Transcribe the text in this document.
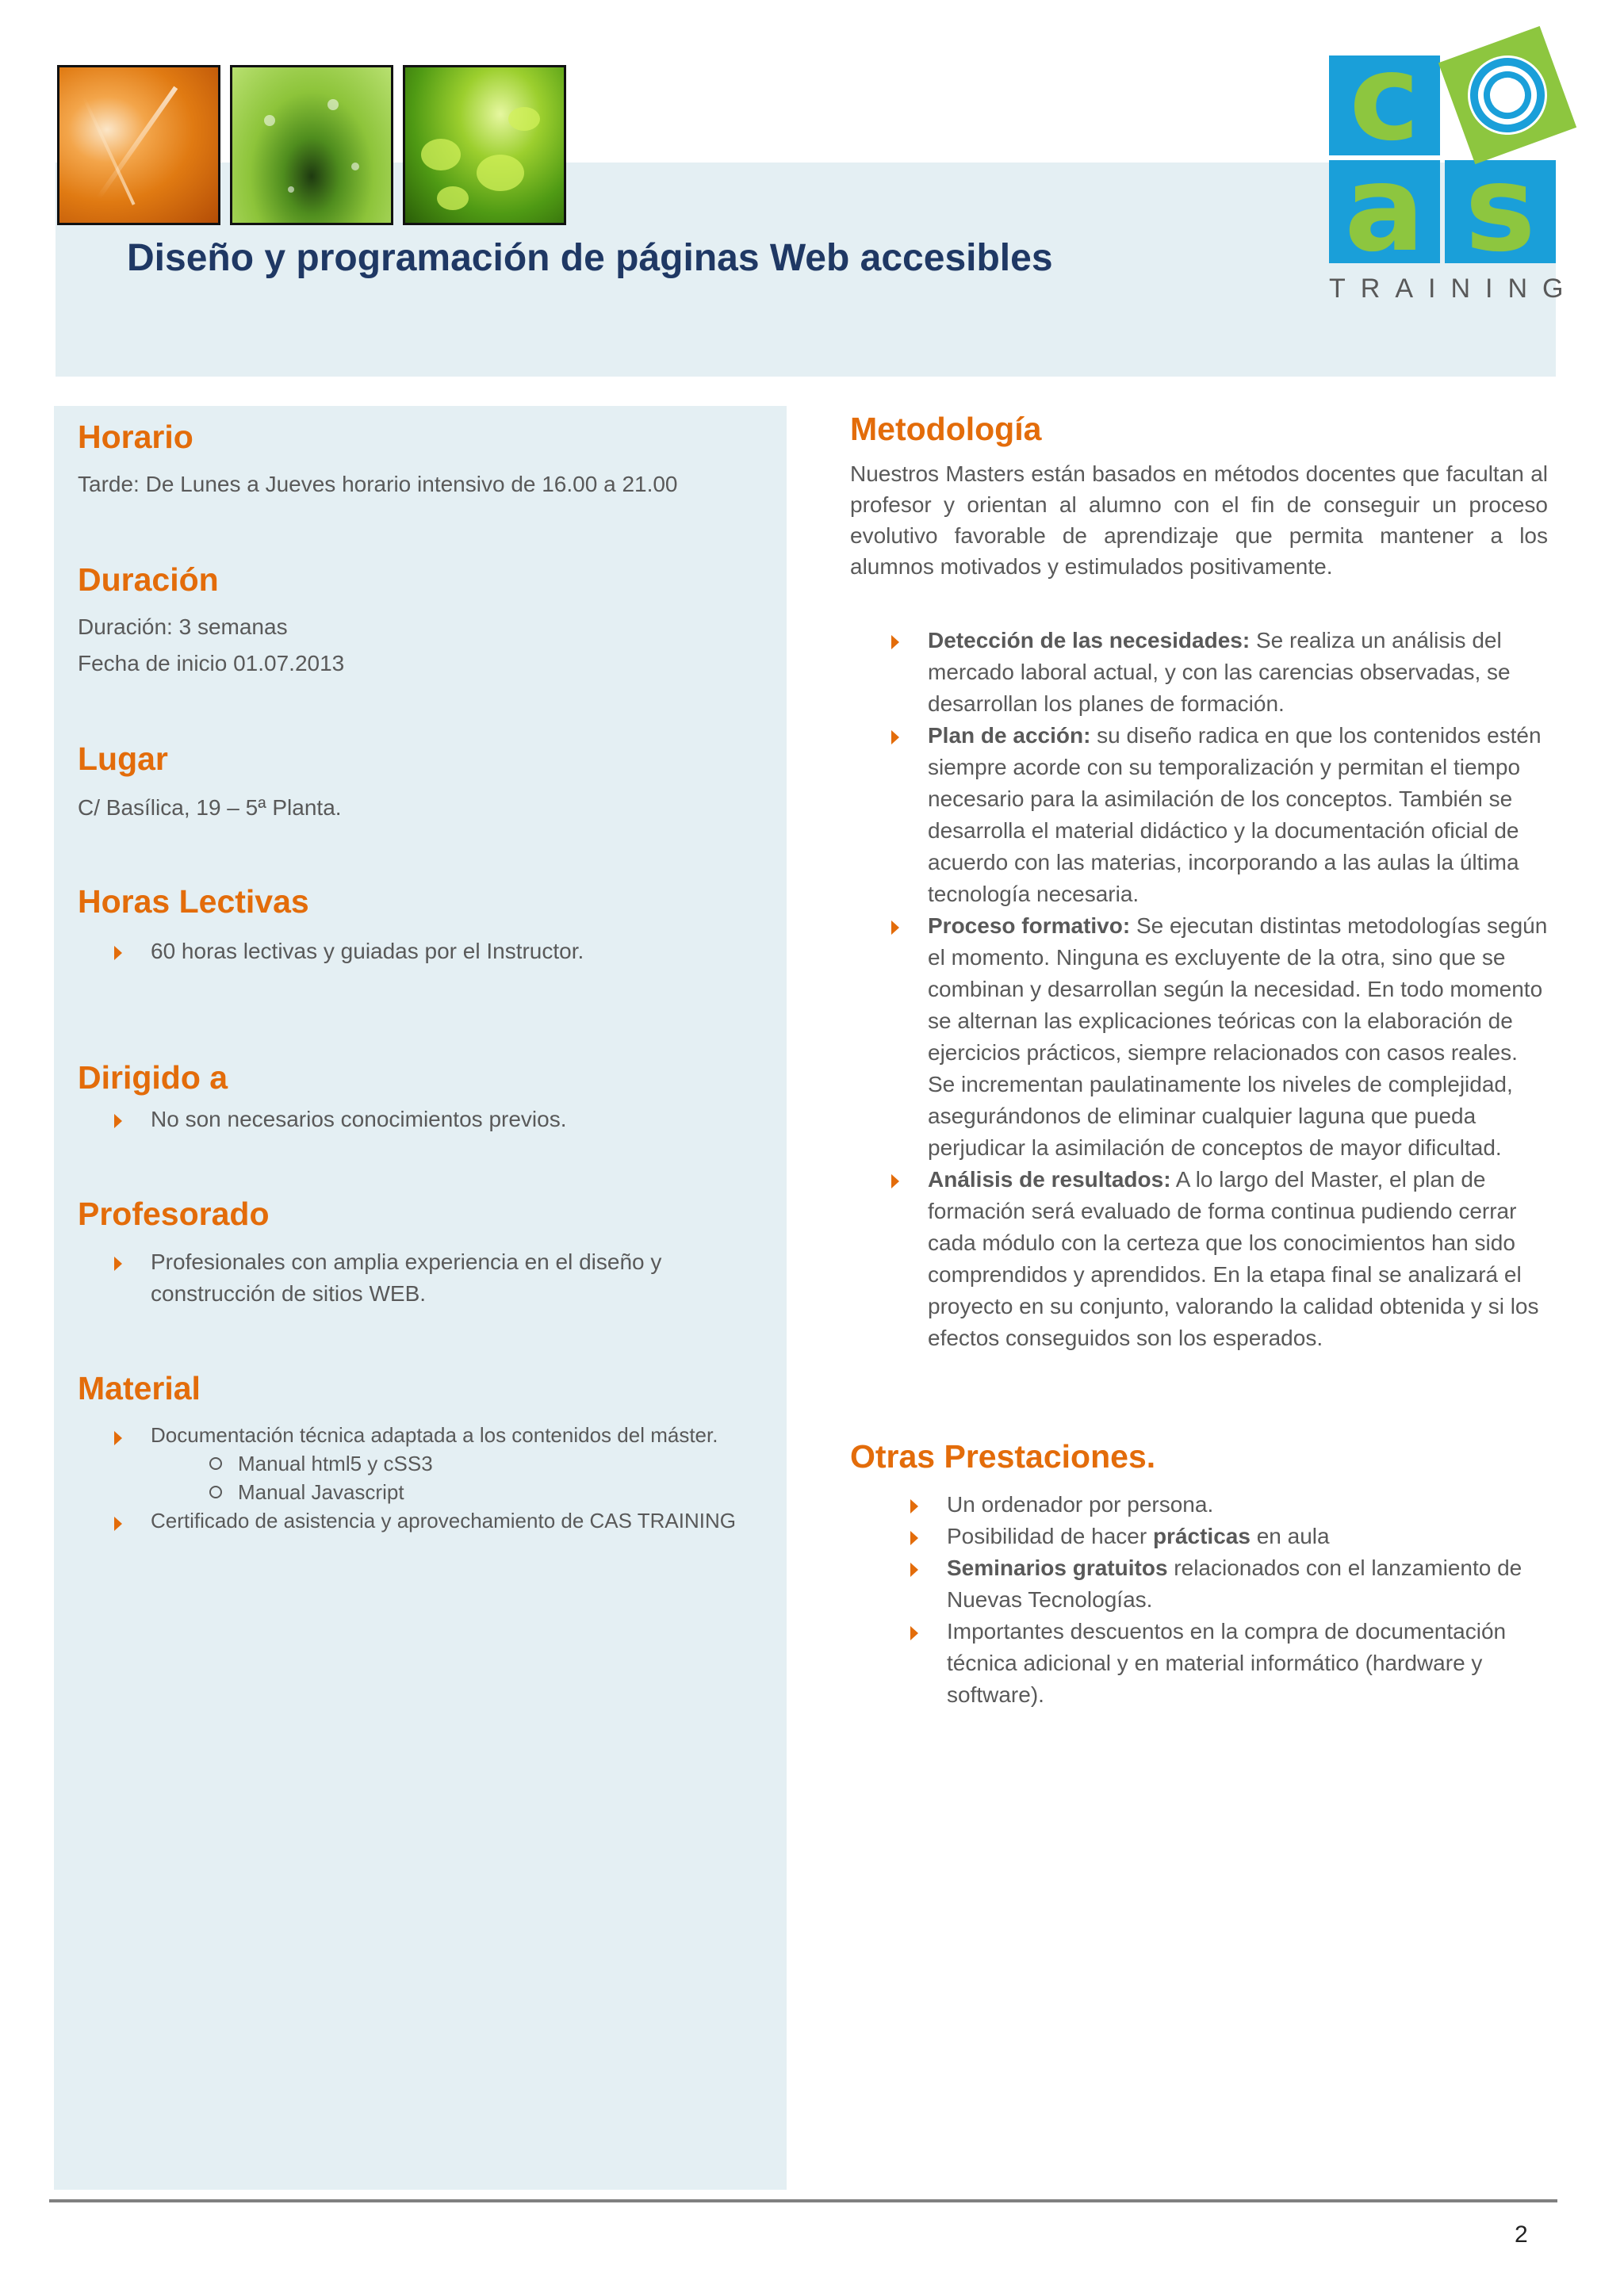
c
a s
TRAINING
Diseño y programación de páginas Web accesibles
Horario

Tarde: De Lunes a Jueves horario intensivo de 16.00 a 21.00

Duración

Duración: 3 semanas

Fecha de inicio 01.07.2013

Lugar

C/ Basílica, 19 – 5ª Planta.

Horas Lectivas
60 horas lectivas y guiadas por el Instructor.
Dirigido a
No son necesarios conocimientos previos.
Profesorado
Profesionales con amplia experiencia en el diseño y construcción de sitios WEB.
Material
Documentación técnica adaptada a los contenidos del máster.
Manual html5 y cSS3
Manual Javascript
Certificado de asistencia y aprovechamiento de CAS TRAINING
Metodología

Nuestros Masters están basados en métodos docentes que facultan al profesor y orientan al alumno con el fin de conseguir un proceso evolutivo favorable de aprendizaje que permita mantener a los alumnos motivados y estimulados positivamente.

Detección de las necesidades: Se realiza un análisis del mercado laboral actual, y con las carencias observadas, se desarrollan los planes de formación.
Plan de acción: su diseño radica en que los contenidos estén siempre acorde con su temporalización y permitan el tiempo necesario para la asimilación de los conceptos. También se desarrolla el material didáctico y la documentación oficial de acuerdo con las materias, incorporando a las aulas la última tecnología necesaria.
Proceso formativo: Se ejecutan distintas metodologías según el momento. Ninguna es excluyente de la otra, sino que se combinan y desarrollan según la necesidad. En todo momento se alternan las explicaciones teóricas con la elaboración de ejercicios prácticos, siempre relacionados con casos reales. Se incrementan paulatinamente los niveles de complejidad, asegurándonos de eliminar cualquier laguna que pueda perjudicar la asimilación de conceptos de mayor dificultad.
Análisis de resultados: A lo largo del Master, el plan de formación será evaluado de forma continua pudiendo cerrar cada módulo con la certeza que los conocimientos han sido comprendidos y aprendidos. En la etapa final se analizará el proyecto en su conjunto, valorando la calidad obtenida y si los efectos conseguidos son los esperados.
Otras Prestaciones.
Un ordenador por persona.
Posibilidad de hacer prácticas en aula
Seminarios gratuitos relacionados con el lanzamiento de Nuevas Tecnologías.
Importantes descuentos en la compra de documentación técnica adicional y en material informático (hardware y software).
2
